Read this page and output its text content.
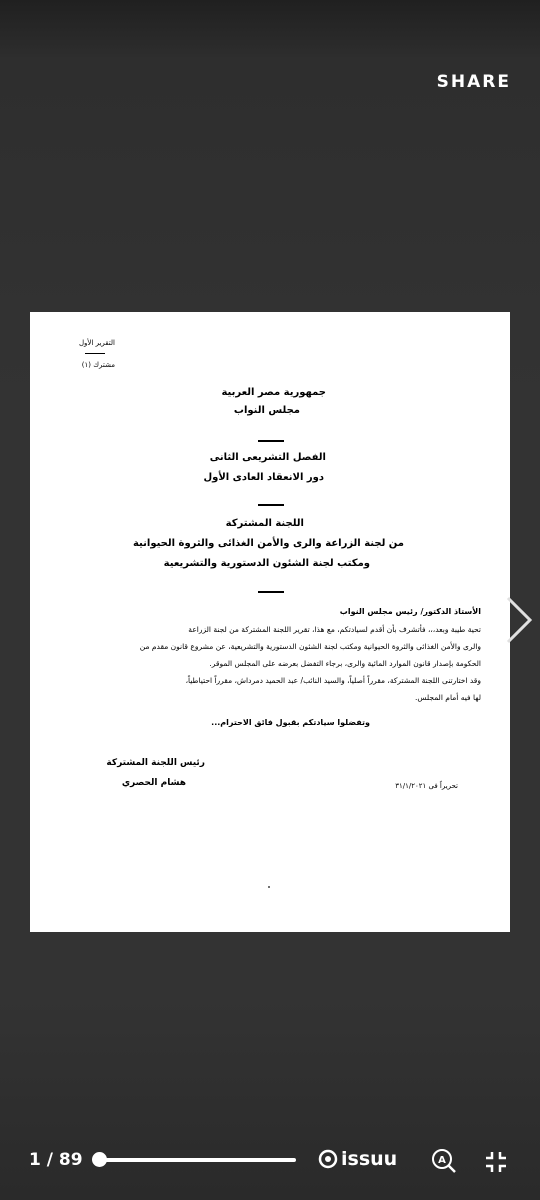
SHARE
التقرير الأول
مشترك (١)
جمهورية مصر العربية
مجلس النواب
الفصل التشريعى الثانى
دور الانعقاد العادى الأول
اللجنة المشتركة
من لجنة الزراعة والرى والأمن الغذائى والثروة الحيوانية
ومكتب لجنة الشئون الدستورية والتشريعية
الأستاذ الدكتور/ رئيس مجلس النواب
تحية طيبة وبعد،،، فأتشرف بأن أقدم لسيادتكم، مع هذا، تقرير اللجنة المشتركة من لجنة الزراعة
والرى والأمن الغذائى والثروة الحيوانية ومكتب لجنة الشئون الدستورية والتشريعية، عن مشروع قانون مقدم من
الحكومة بإصدار قانون الموارد المائية والرى، برجاء التفضل بعرضه على المجلس الموقر.
وقد اختارتنى اللجنة المشتركة، مقرراً أصلياً، والسيد النائب/ عبد الحميد دمرداش، مقرراً احتياطياً،
لها فيه أمام المجلس.
وتفضلوا سيادتكم بقبول فائق الاحترام...
رئيس اللجنة المشتركة
هشام الحصري	تحريراً فى ٣١/١/٢٠٢١
1 / 89	issuu	A
